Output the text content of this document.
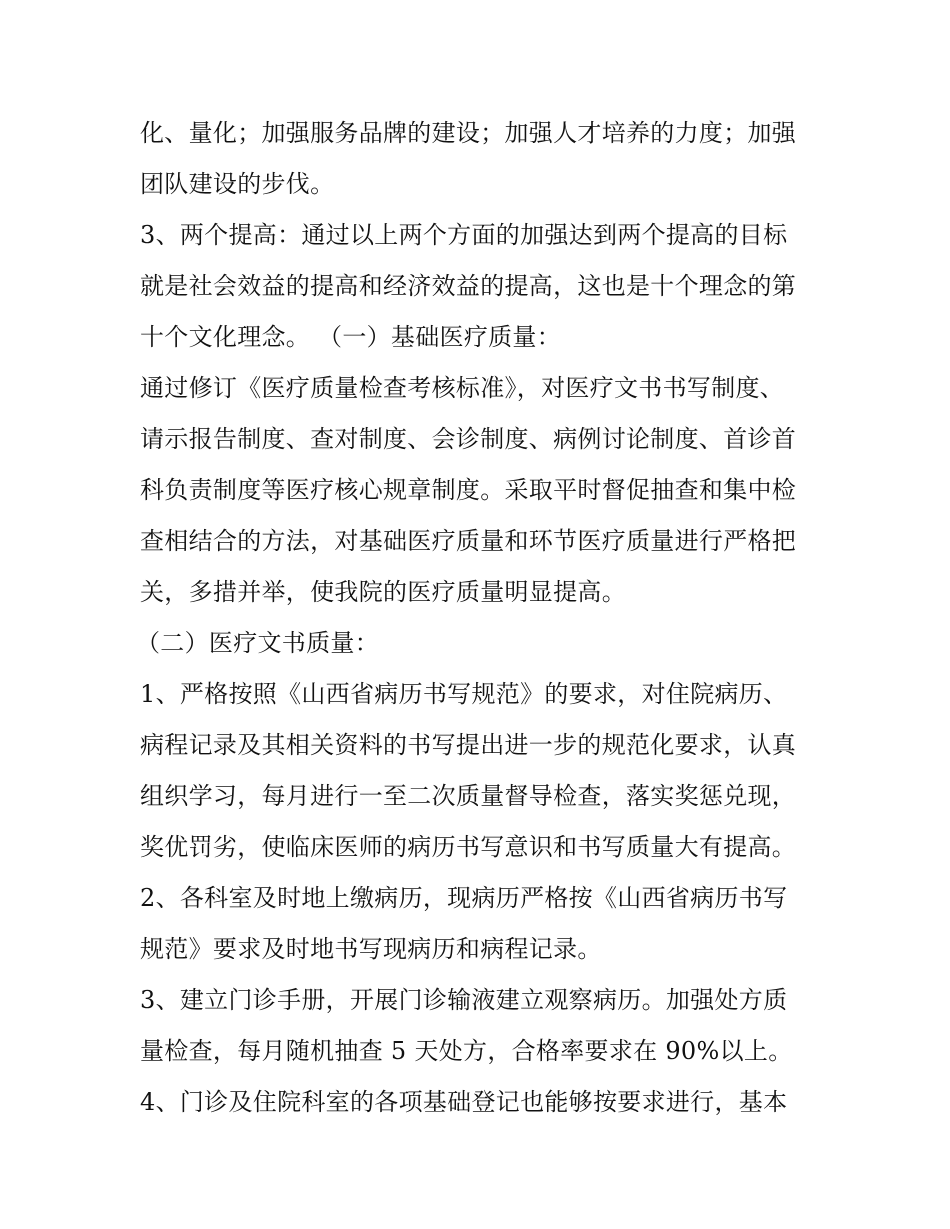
化、量化；加强服务品牌的建设；加强人才培养的力度；加强
团队建设的步伐。
3、两个提高：通过以上两个方面的加强达到两个提高的目标
就是社会效益的提高和经济效益的提高，这也是十个理念的第
十个文化理念。 （一）基础医疗质量：
通过修订《医疗质量检查考核标准》，对医疗文书书写制度、
请示报告制度、查对制度、会诊制度、病例讨论制度、首诊首
科负责制度等医疗核心规章制度。采取平时督促抽查和集中检
查相结合的方法，对基础医疗质量和环节医疗质量进行严格把
关，多措并举，使我院的医疗质量明显提高。
（二）医疗文书质量：
1、严格按照《山西省病历书写规范》的要求，对住院病历、
病程记录及其相关资料的书写提出进一步的规范化要求，认真
组织学习，每月进行一至二次质量督导检查，落实奖惩兑现，
奖优罚劣，使临床医师的病历书写意识和书写质量大有提高。
2、各科室及时地上缴病历，现病历严格按《山西省病历书写
规范》要求及时地书写现病历和病程记录。
3、建立门诊手册，开展门诊输液建立观察病历。加强处方质
量检查，每月随机抽查 5 天处方，合格率要求在 90%以上。
4、门诊及住院科室的各项基础登记也能够按要求进行，基本
